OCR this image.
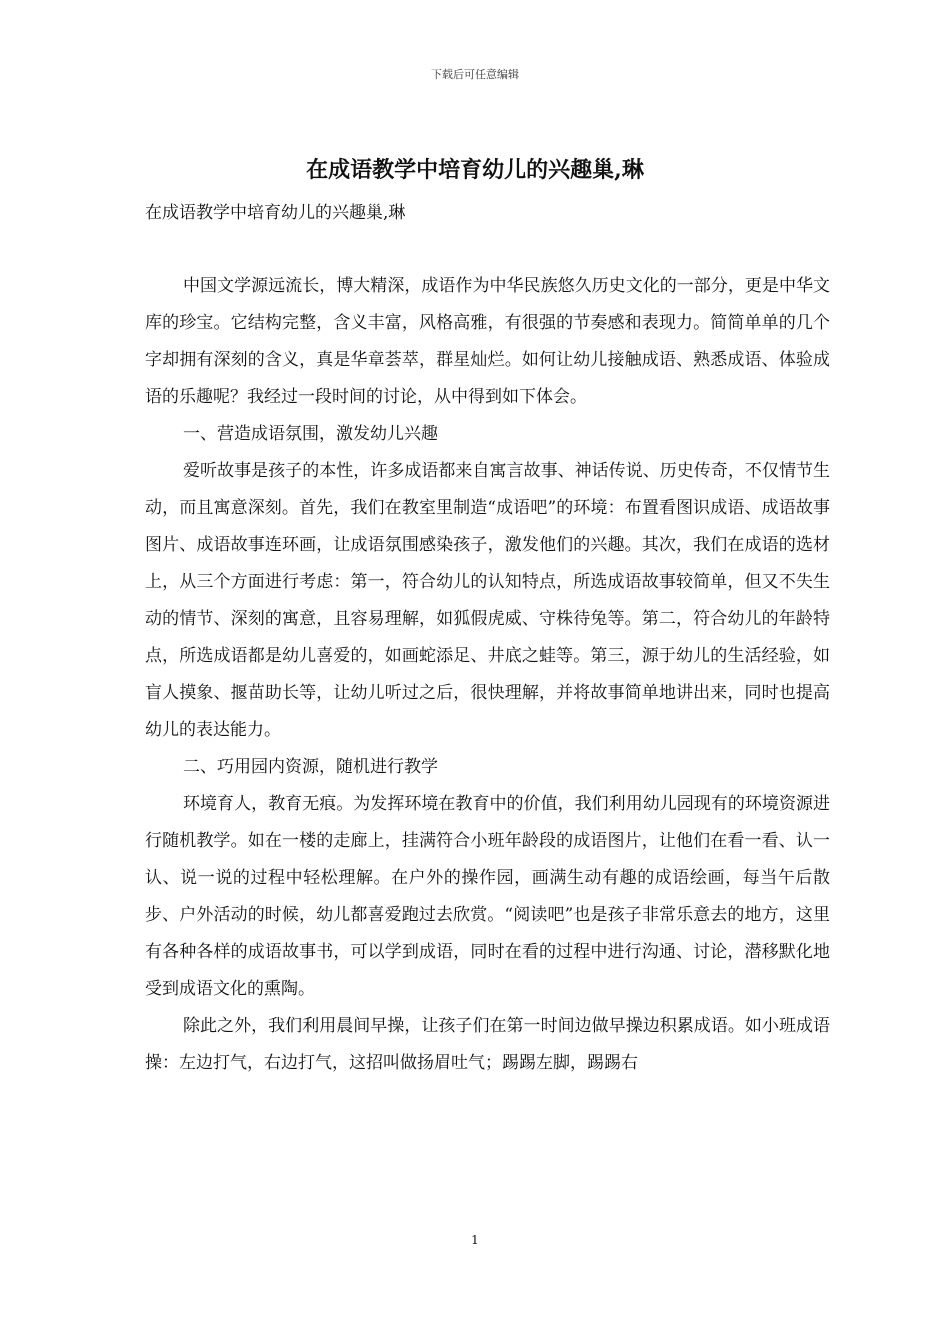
下载后可任意编辑
在成语教学中培育幼儿的兴趣巢,琳
在成语教学中培育幼儿的兴趣巢,琳

中国文学源远流长，博大精深，成语作为中华民族悠久历史文化的一部分，更是中华文库的珍宝。它结构完整，含义丰富，风格高雅，有很强的节奏感和表现力。简简单单的几个字却拥有深刻的含义，真是华章荟萃，群星灿烂。如何让幼儿接触成语、熟悉成语、体验成语的乐趣呢？我经过一段时间的讨论，从中得到如下体会。

一、营造成语氛围，激发幼儿兴趣

爱听故事是孩子的本性，许多成语都来自寓言故事、神话传说、历史传奇，不仅情节生动，而且寓意深刻。首先，我们在教室里制造“成语吧”的环境：布置看图识成语、成语故事图片、成语故事连环画，让成语氛围感染孩子，激发他们的兴趣。其次，我们在成语的选材上，从三个方面进行考虑：第一，符合幼儿的认知特点，所选成语故事较简单，但又不失生动的情节、深刻的寓意，且容易理解，如狐假虎威、守株待兔等。第二，符合幼儿的年龄特点，所选成语都是幼儿喜爱的，如画蛇添足、井底之蛙等。第三，源于幼儿的生活经验，如盲人摸象、揠苗助长等，让幼儿听过之后，很快理解，并将故事简单地讲出来，同时也提高幼儿的表达能力。

二、巧用园内资源，随机进行教学

环境育人，教育无痕。为发挥环境在教育中的价值，我们利用幼儿园现有的环境资源进行随机教学。如在一楼的走廊上，挂满符合小班年龄段的成语图片，让他们在看一看、认一认、说一说的过程中轻松理解。在户外的操作园，画满生动有趣的成语绘画，每当午后散步、户外活动的时候，幼儿都喜爱跑过去欣赏。“阅读吧”也是孩子非常乐意去的地方，这里有各种各样的成语故事书，可以学到成语，同时在看的过程中进行沟通、讨论，潜移默化地受到成语文化的熏陶。

除此之外，我们利用晨间早操，让孩子们在第一时间边做早操边积累成语。如小班成语操：左边打气，右边打气，这招叫做扬眉吐气；踢踢左脚，踢踢右

1
